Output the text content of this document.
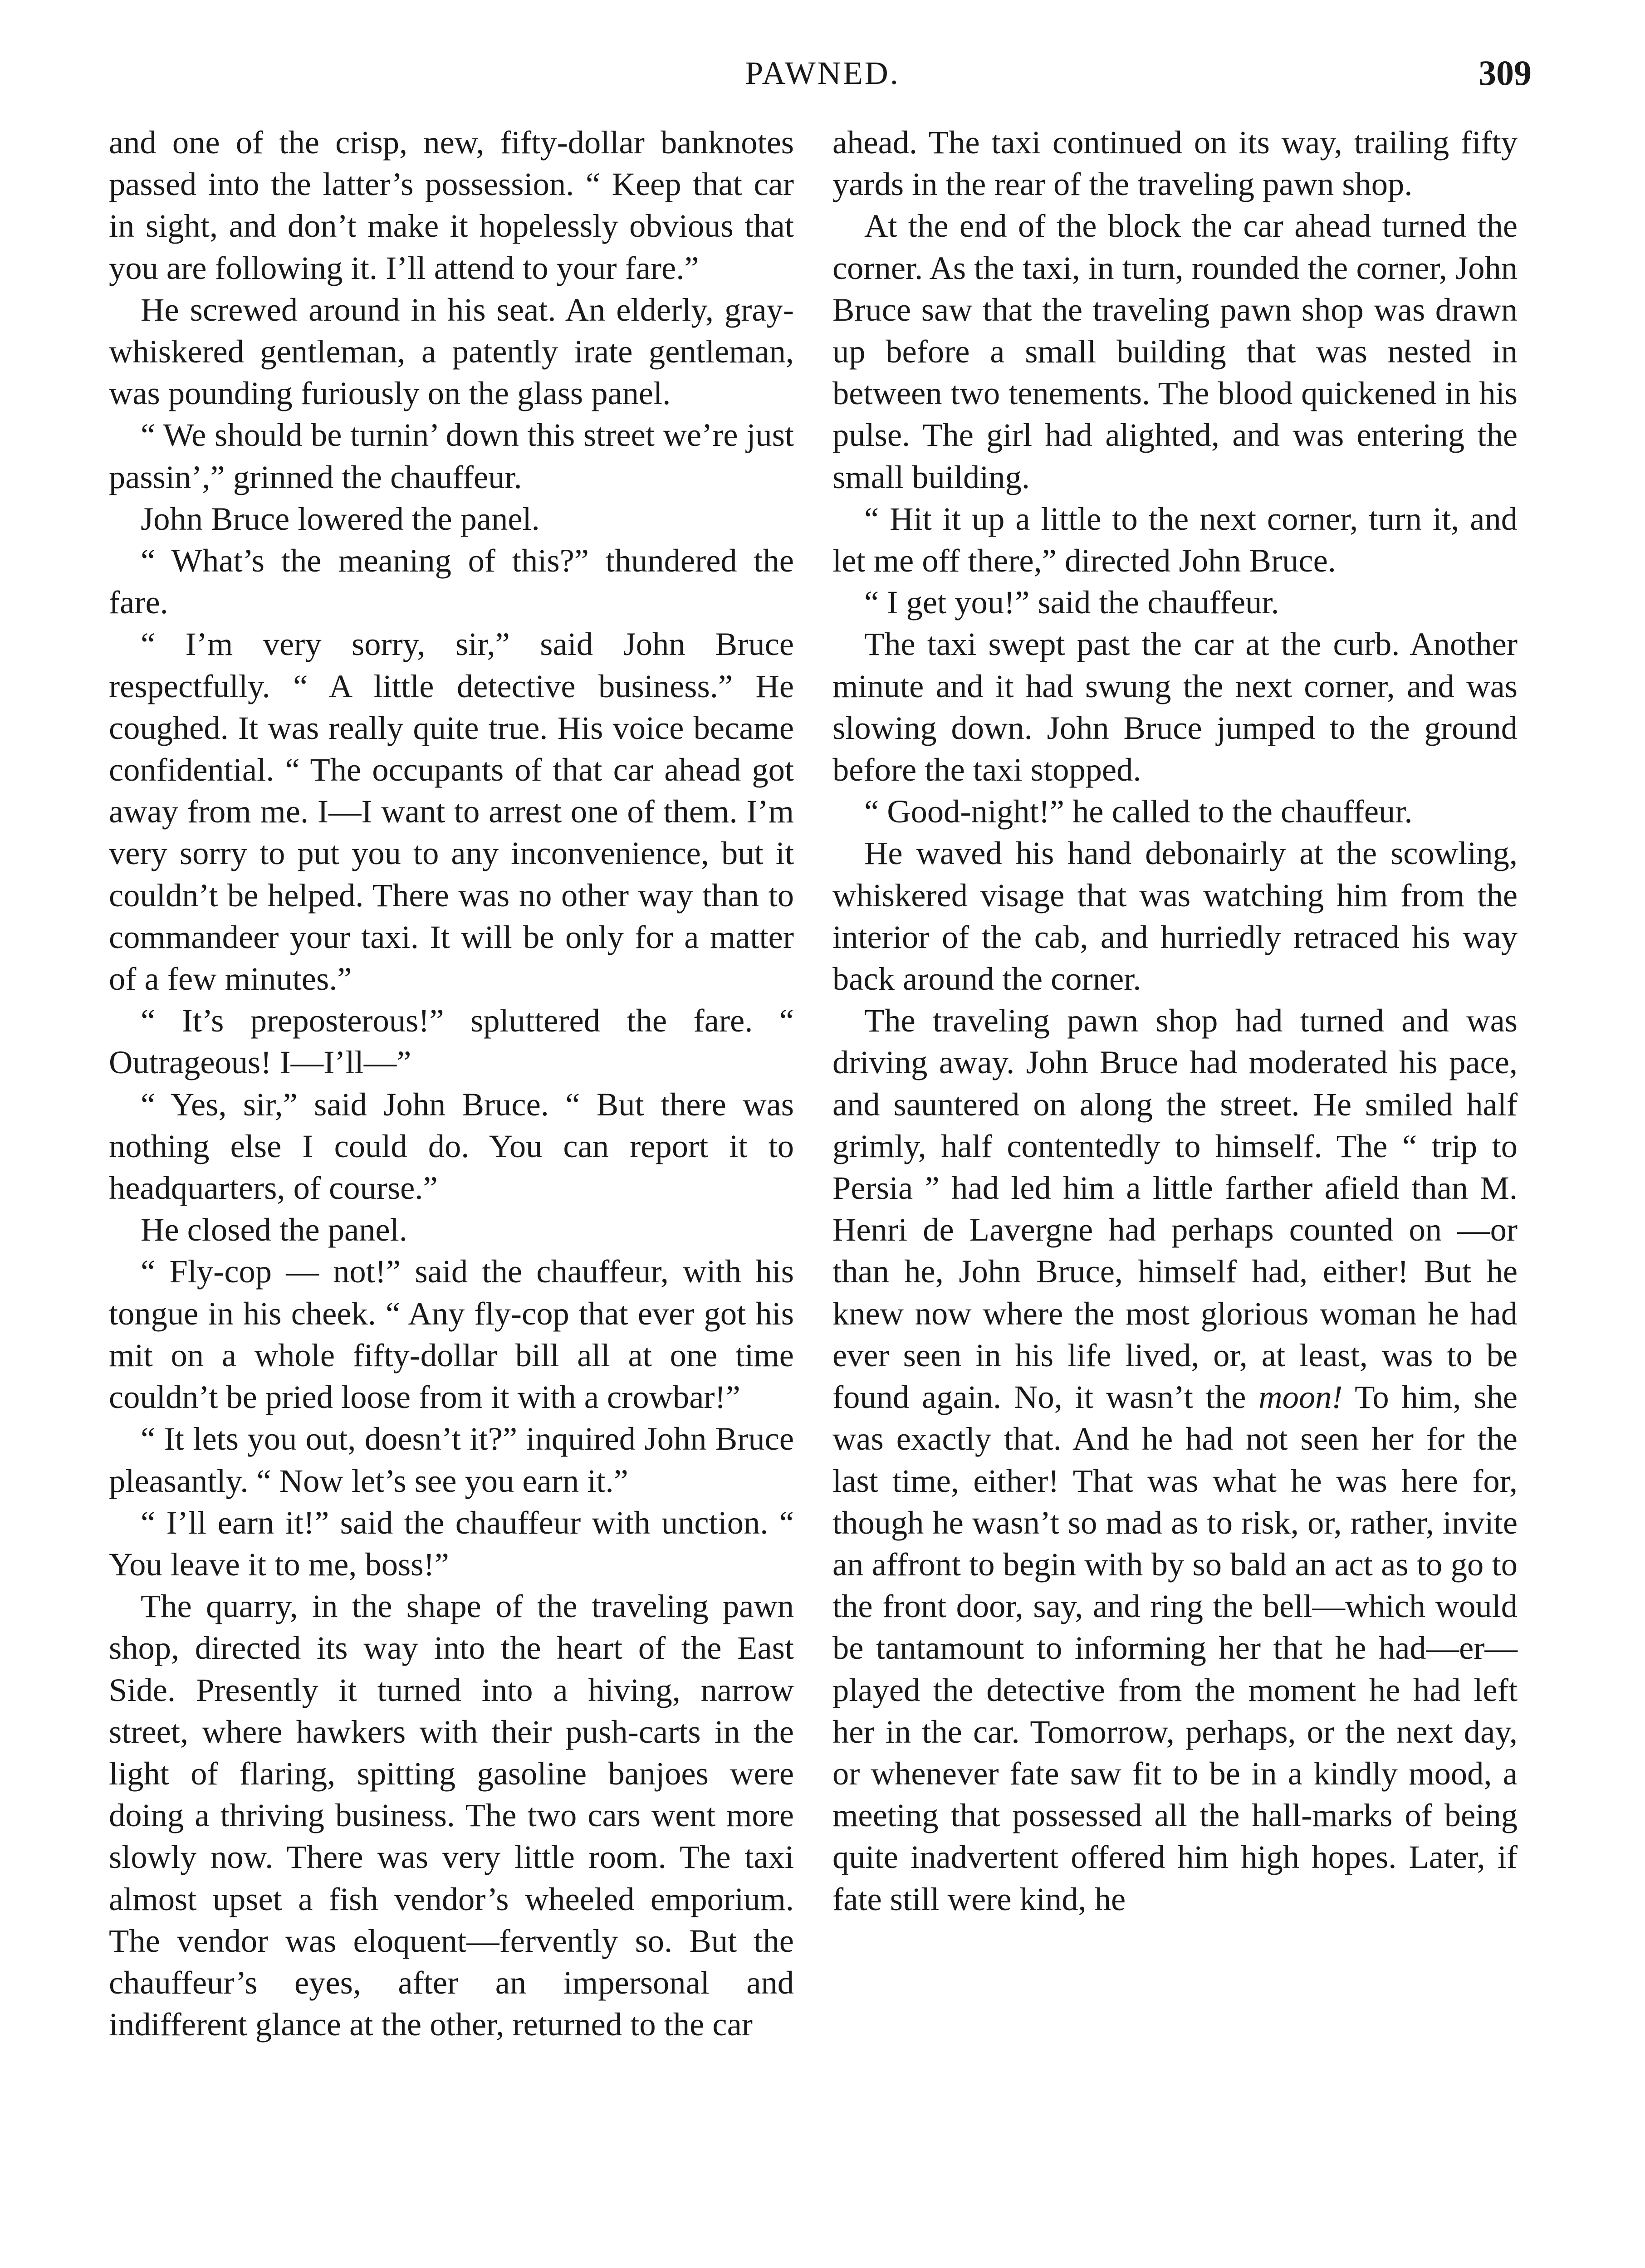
PAWNED.	309

and one of the crisp, new, fifty-dollar banknotes passed into the latter’s possession. “ Keep that car in sight, and don’t make it hopelessly obvious that you are following it. I’ll attend to your fare.”

He screwed around in his seat. An elderly, gray-whiskered gentleman, a patently irate gentleman, was pounding furiously on the glass panel.

“ We should be turnin’ down this street we’re just passin’,” grinned the chauffeur.

John Bruce lowered the panel.

“ What’s the meaning of this?” thundered the fare.

“ I’m very sorry, sir,” said John Bruce respectfully. “ A little detective business.” He coughed. It was really quite true. His voice became confidential. “ The occupants of that car ahead got away from me. I—I want to arrest one of them. I’m very sorry to put you to any inconvenience, but it couldn’t be helped. There was no other way than to commandeer your taxi. It will be only for a matter of a few minutes.”

“ It’s preposterous!” spluttered the fare. “ Outrageous! I—I’ll—”

“ Yes, sir,” said John Bruce. “ But there was nothing else I could do. You can report it to headquarters, of course.”

He closed the panel.

“ Fly-cop — not!” said the chauffeur, with his tongue in his cheek. “ Any fly-cop that ever got his mit on a whole fifty-dollar bill all at one time couldn’t be pried loose from it with a crowbar!”

“ It lets you out, doesn’t it?” inquired John Bruce pleasantly. “ Now let’s see you earn it.”

“ I’ll earn it!” said the chauffeur with unction. “ You leave it to me, boss!”

The quarry, in the shape of the traveling pawn shop, directed its way into the heart of the East Side. Presently it turned into a hiving, narrow street, where hawkers with their push-carts in the light of flaring, spitting gasoline banjoes were doing a thriving business. The two cars went more slowly now. There was very little room. The taxi almost upset a fish vendor’s wheeled emporium. The vendor was eloquent—fervently so. But the chauffeur’s eyes, after an impersonal and indifferent glance at the other, returned to the car

ahead. The taxi continued on its way, trailing fifty yards in the rear of the traveling pawn shop.

At the end of the block the car ahead turned the corner. As the taxi, in turn, rounded the corner, John Bruce saw that the traveling pawn shop was drawn up before a small building that was nested in between two tenements. The blood quickened in his pulse. The girl had alighted, and was entering the small building.

“ Hit it up a little to the next corner, turn it, and let me off there,” directed John Bruce.

“ I get you!” said the chauffeur.

The taxi swept past the car at the curb. Another minute and it had swung the next corner, and was slowing down. John Bruce jumped to the ground before the taxi stopped.

“ Good-night!” he called to the chauffeur.

He waved his hand debonairly at the scowling, whiskered visage that was watching him from the interior of the cab, and hurriedly retraced his way back around the corner.

The traveling pawn shop had turned and was driving away. John Bruce had moderated his pace, and sauntered on along the street. He smiled half grimly, half contentedly to himself. The “ trip to Persia ” had led him a little farther afield than M. Henri de Lavergne had perhaps counted on —or than he, John Bruce, himself had, either! But he knew now where the most glorious woman he had ever seen in his life lived, or, at least, was to be found again. No, it wasn’t the moon! To him, she was exactly that. And he had not seen her for the last time, either! That was what he was here for, though he wasn’t so mad as to risk, or, rather, invite an affront to begin with by so bald an act as to go to the front door, say, and ring the bell—which would be tantamount to informing her that he had—er—played the detective from the moment he had left her in the car. Tomorrow, perhaps, or the next day, or whenever fate saw fit to be in a kindly mood, a meeting that possessed all the hall-marks of being quite inadvertent offered him high hopes. Later, if fate still were kind, he
